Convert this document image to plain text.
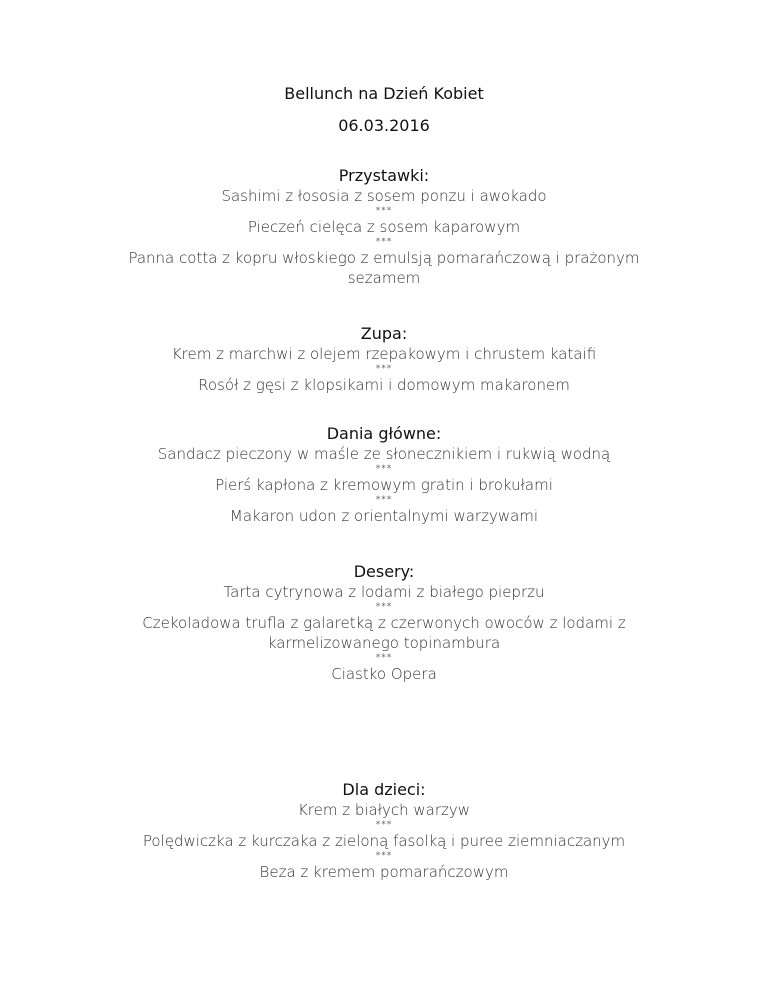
Bellunch na Dzień Kobiet
06.03.2016
Przystawki:
Sashimi z łososia z sosem ponzu i awokado
***
Pieczeń cielęca z sosem kaparowym
***
Panna cotta z kopru włoskiego z emulsją pomarańczową i prażonym sezamem
Zupa:
Krem z marchwi z olejem rzepakowym i chrustem kataifi
***
Rosół z gęsi z klopsikami i domowym makaronem
Dania główne:
Sandacz pieczony w maśle ze słonecznikiem i rukwią wodną
***
Pierś kapłona z kremowym gratin i brokułami
***
Makaron udon z orientalnymi warzywami
Desery:
Tarta cytrynowa z lodami z białego pieprzu
***
Czekoladowa trufla z galaretką z czerwonych owoców z lodami z karmelizowanego topinambura
***
Ciastko Opera
Dla dzieci:
Krem z białych warzyw
***
Polędwiczka z kurczaka z zieloną fasolką i puree ziemniaczanym
***
Beza z kremem pomarańczowym
